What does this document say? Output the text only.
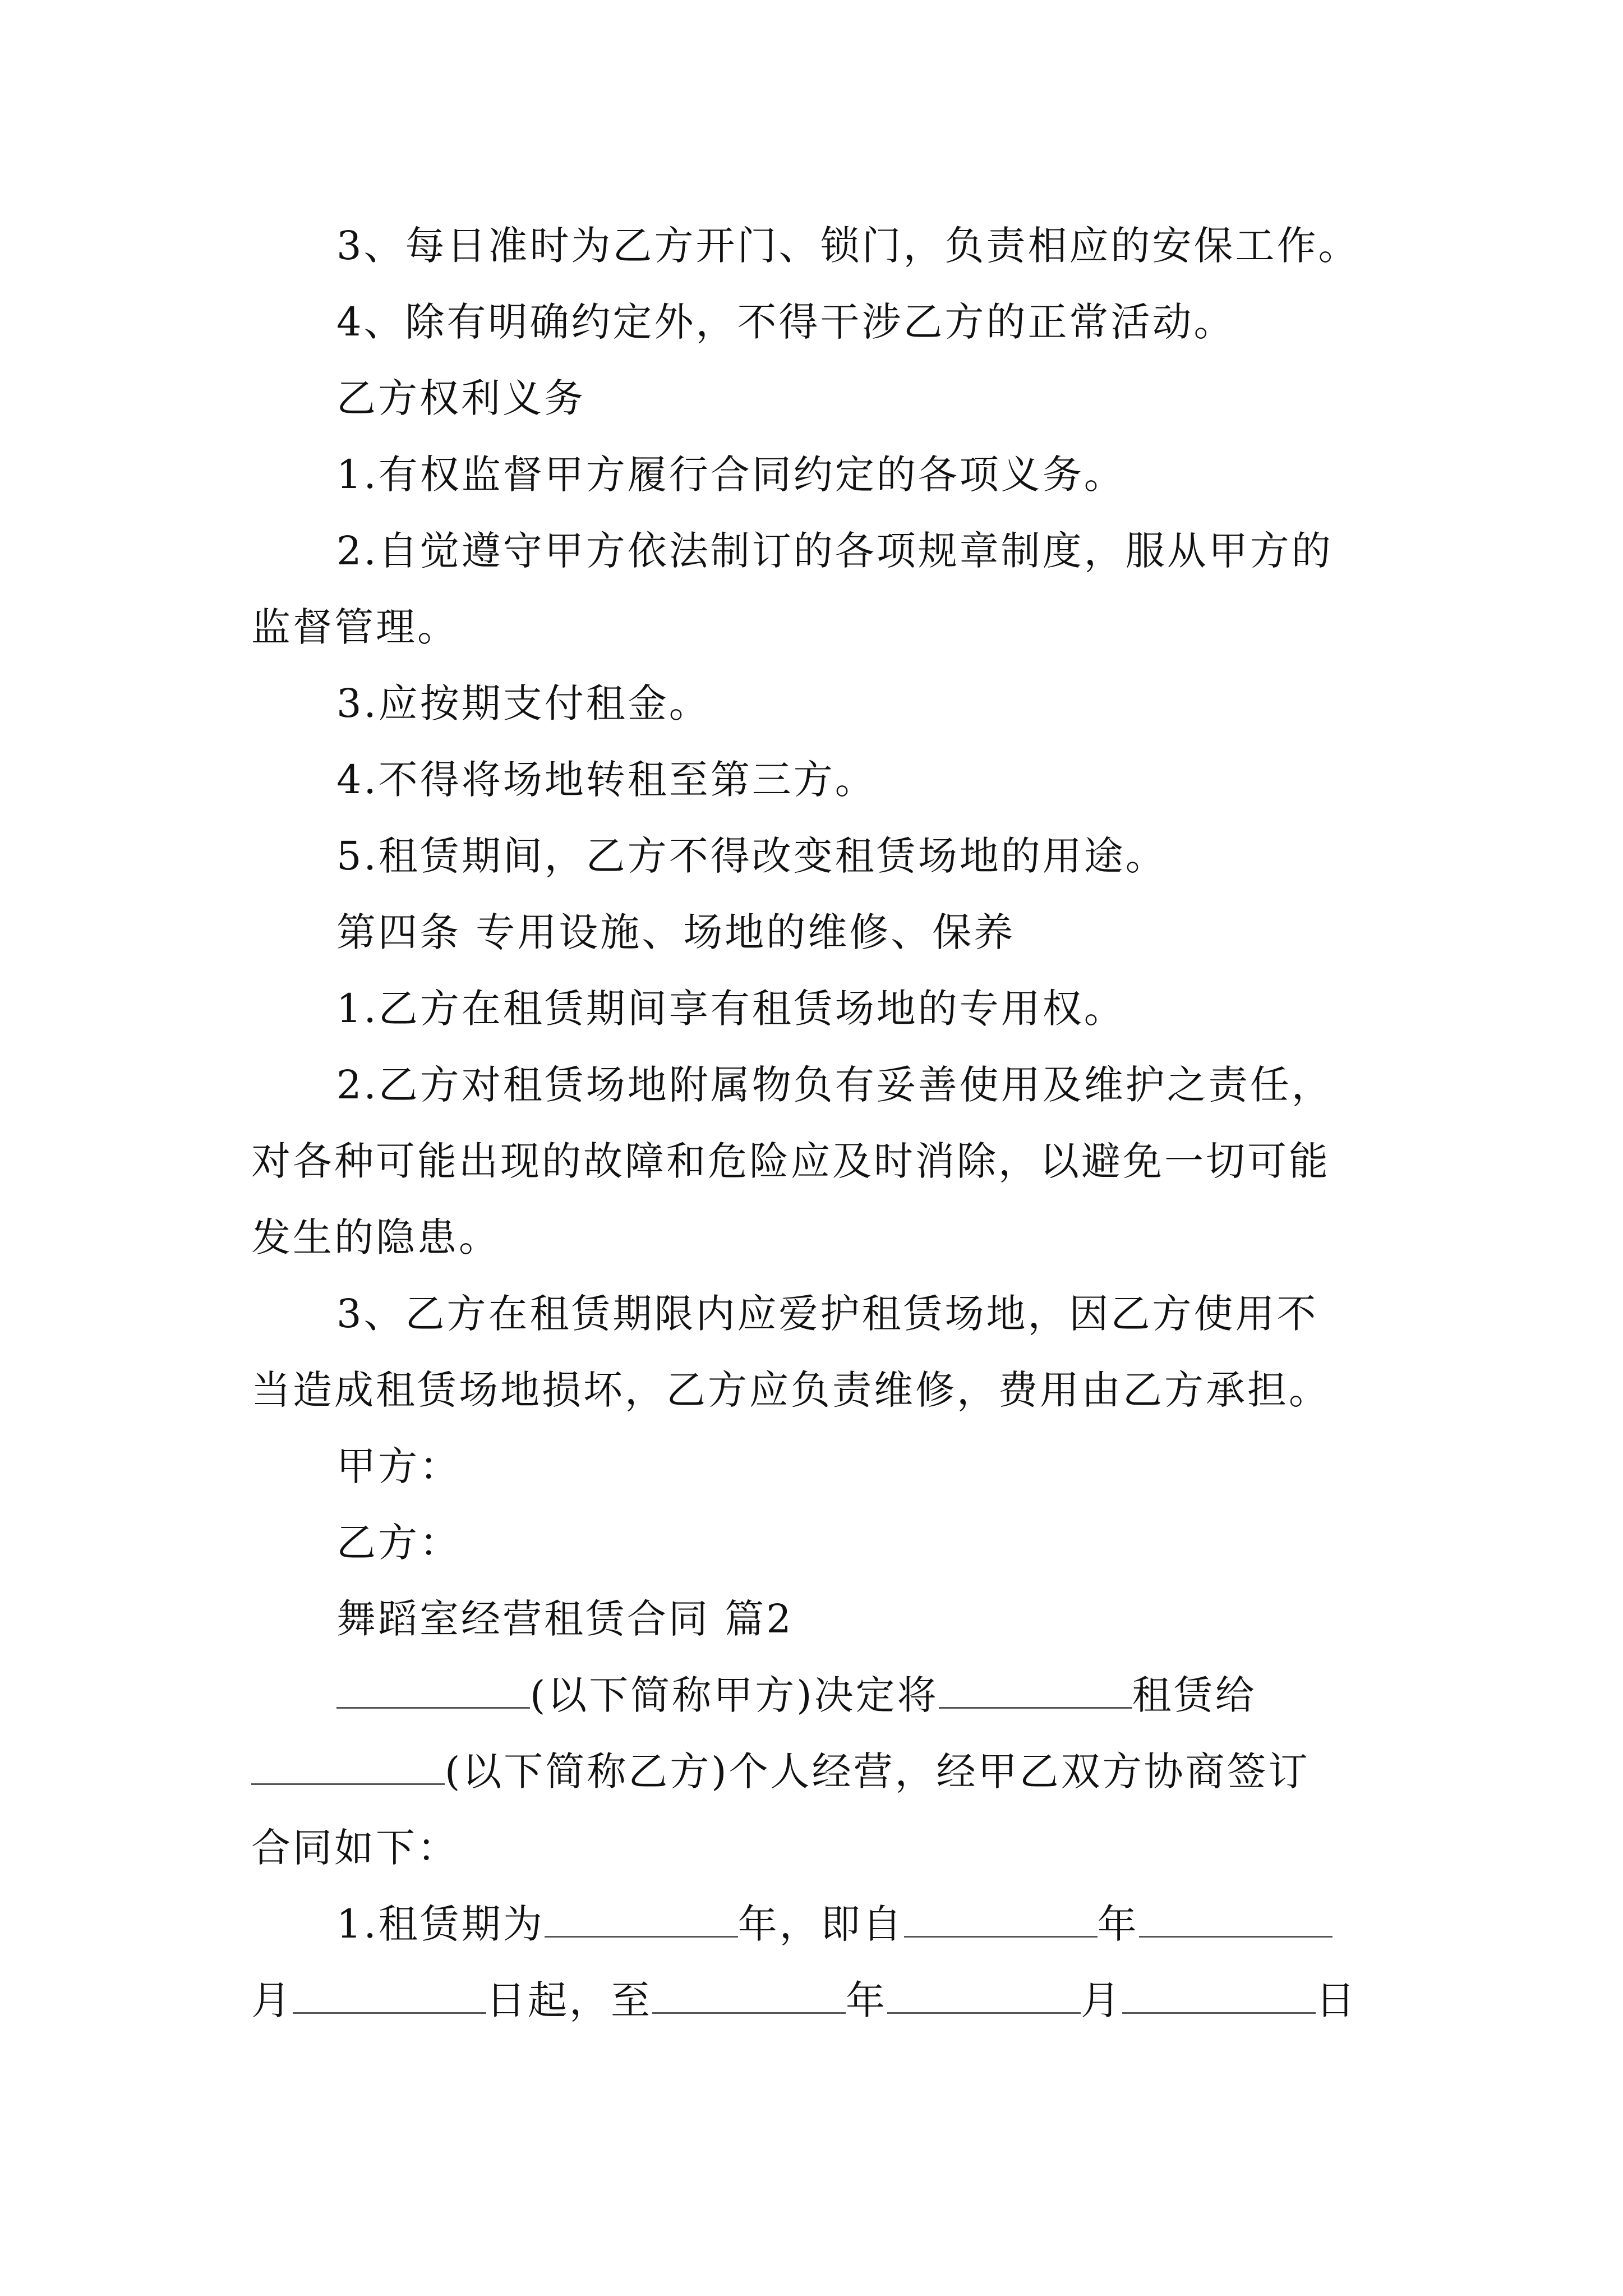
3、每日准时为乙方开门、锁门，负责相应的安保工作。
4、除有明确约定外，不得干涉乙方的正常活动。
乙方权利义务
1.有权监督甲方履行合同约定的各项义务。
2.自觉遵守甲方依法制订的各项规章制度，服从甲方的
监督管理。
3.应按期支付租金。
4.不得将场地转租至第三方。
5.租赁期间，乙方不得改变租赁场地的用途。
第四条 专用设施、场地的维修、保养
1.乙方在租赁期间享有租赁场地的专用权。
2.乙方对租赁场地附属物负有妥善使用及维护之责任，
对各种可能出现的故障和危险应及时消除，以避免一切可能
发生的隐患。
3、乙方在租赁期限内应爱护租赁场地，因乙方使用不
当造成租赁场地损坏，乙方应负责维修，费用由乙方承担。
甲方：
乙方：
舞蹈室经营租赁合同 篇2
(以下简称甲方)决定将	租赁给
(以下简称乙方)个人经营，经甲乙双方协商签订
合同如下：
1.租赁期为	年，即自	年
月	日起，至	年	月	日
